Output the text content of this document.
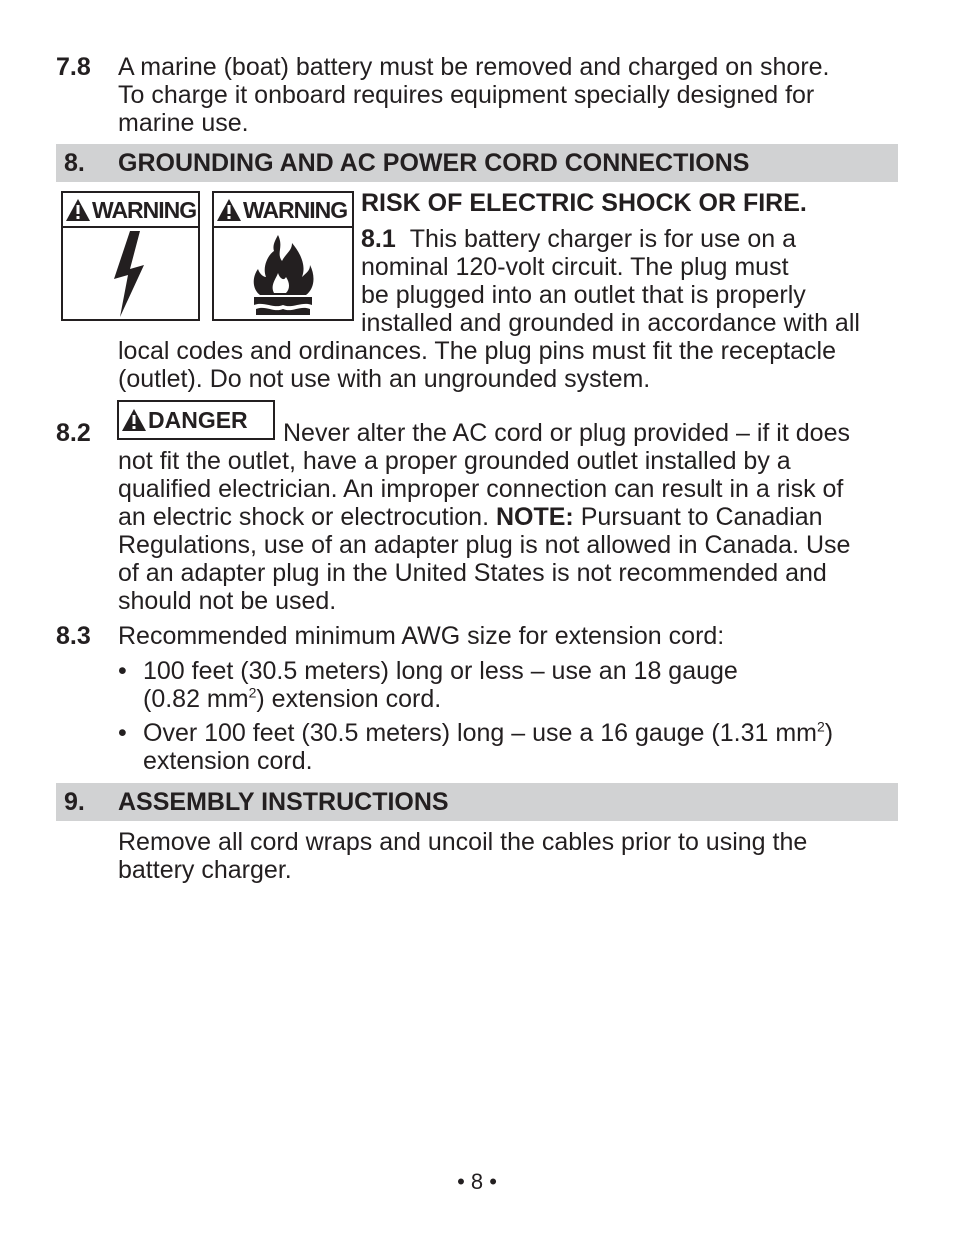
7.8 A marine (boat) battery must be removed and charged on shore.
To charge it onboard requires equipment specially designed for
marine use.
8. GROUNDING AND AC POWER CORD CONNECTIONS
WARNING WARNING RISK OF ELECTRIC SHOCK OR FIRE.
8.1 This battery charger is for use on a
nominal 120-volt circuit. The plug must
be plugged into an outlet that is properly
installed and grounded in accordance with all
local codes and ordinances. The plug pins must fit the receptacle
(outlet). Do not use with an ungrounded system.
8.2 DANGER Never alter the AC cord or plug provided – if it does
not fit the outlet, have a proper grounded outlet installed by a
qualified electrician. An improper connection can result in a risk of
an electric shock or electrocution. NOTE: Pursuant to Canadian
Regulations, use of an adapter plug is not allowed in Canada. Use
of an adapter plug in the United States is not recommended and
should not be used.
8.3 Recommended minimum AWG size for extension cord:
• 100 feet (30.5 meters) long or less – use an 18 gauge
(0.82 $mm^2$) extension cord.
• Over 100 feet (30.5 meters) long – use a 16 gauge (1.31 $mm^2$)
extension cord.
9. ASSEMBLY INSTRUCTIONS
Remove all cord wraps and uncoil the cables prior to using the
battery charger.
• 8 •
